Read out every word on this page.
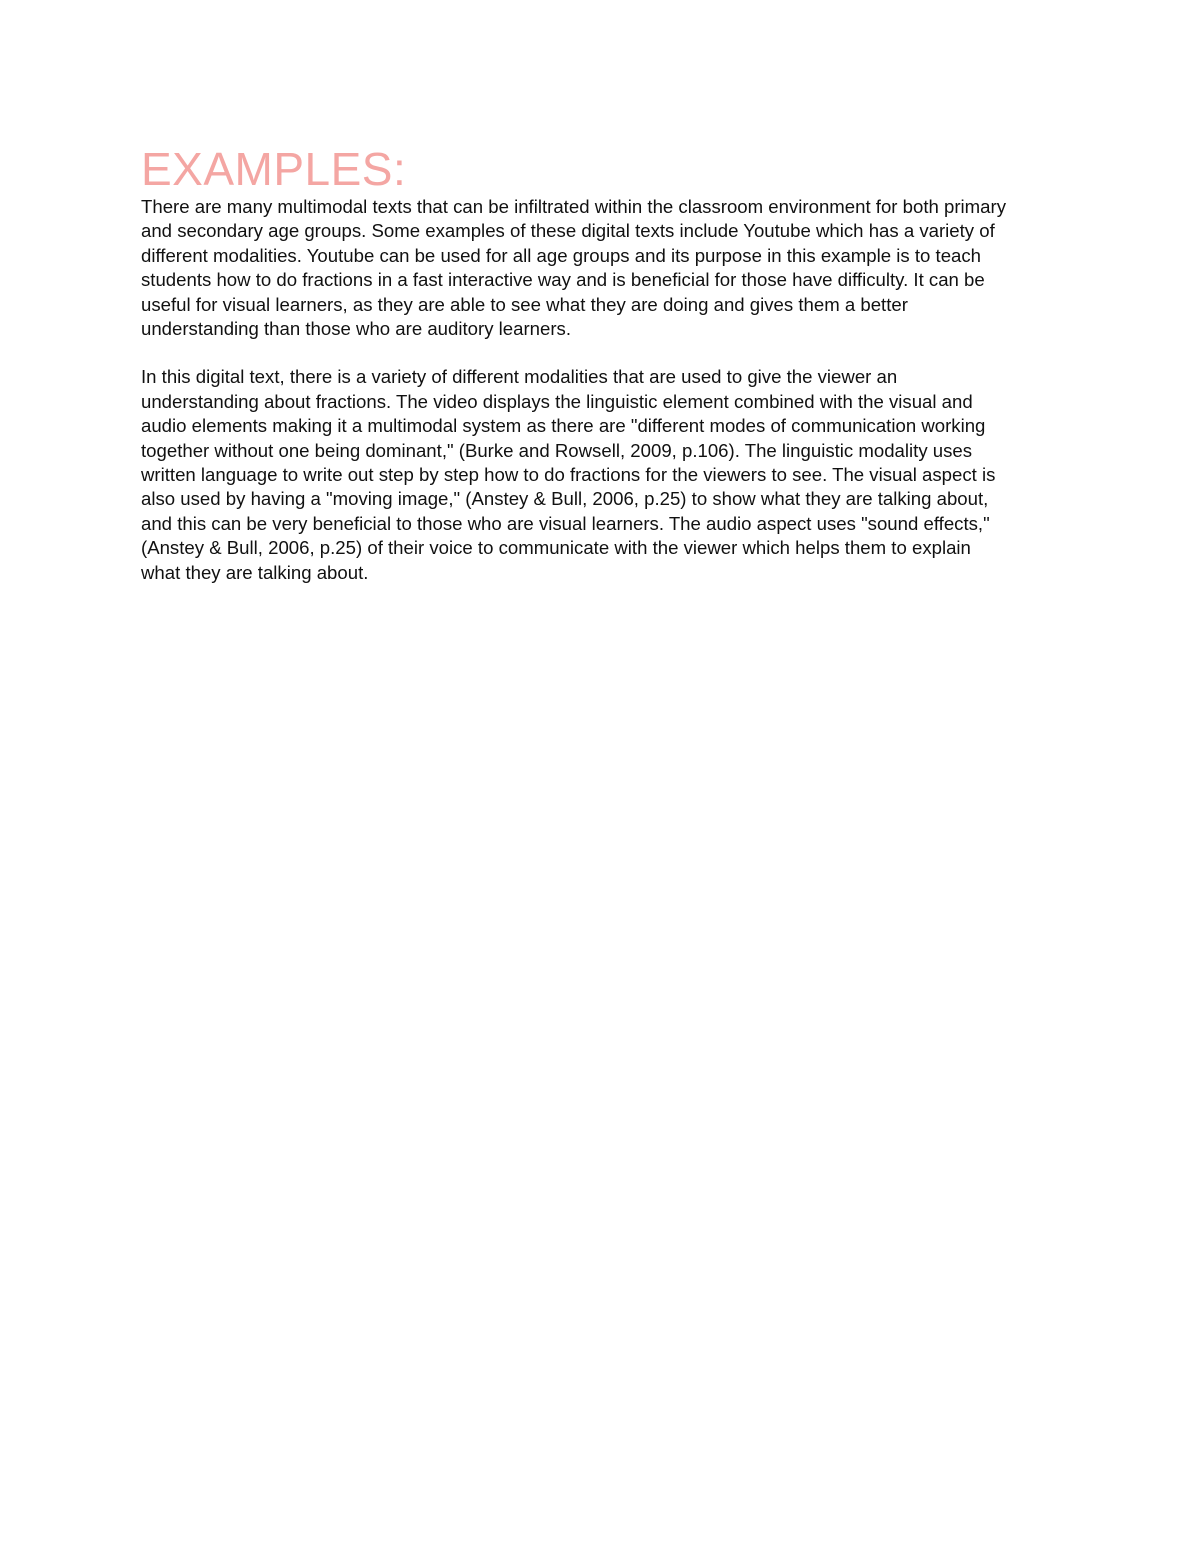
EXAMPLES:

There are many multimodal texts that can be infiltrated within the classroom environment for both primary
and secondary age groups. Some examples of these digital texts include Youtube which has a variety of
different modalities. Youtube can be used for all age groups and its purpose in this example is to teach
students how to do fractions in a fast interactive way and is beneficial for those have difficulty. It can be
useful for visual learners, as they are able to see what they are doing and gives them a better
understanding than those who are auditory learners.

In this digital text, there is a variety of different modalities that are used to give the viewer an
understanding about fractions. The video displays the linguistic element combined with the visual and
audio elements making it a multimodal system as there are "different modes of communication working
together without one being dominant," (Burke and Rowsell, 2009, p.106). The linguistic modality uses
written language to write out step by step how to do fractions for the viewers to see. The visual aspect is
also used by having a "moving image," (Anstey & Bull, 2006, p.25) to show what they are talking about,
and this can be very beneficial to those who are visual learners. The audio aspect uses "sound effects,"
(Anstey & Bull, 2006, p.25) of their voice to communicate with the viewer which helps them to explain
what they are talking about.
